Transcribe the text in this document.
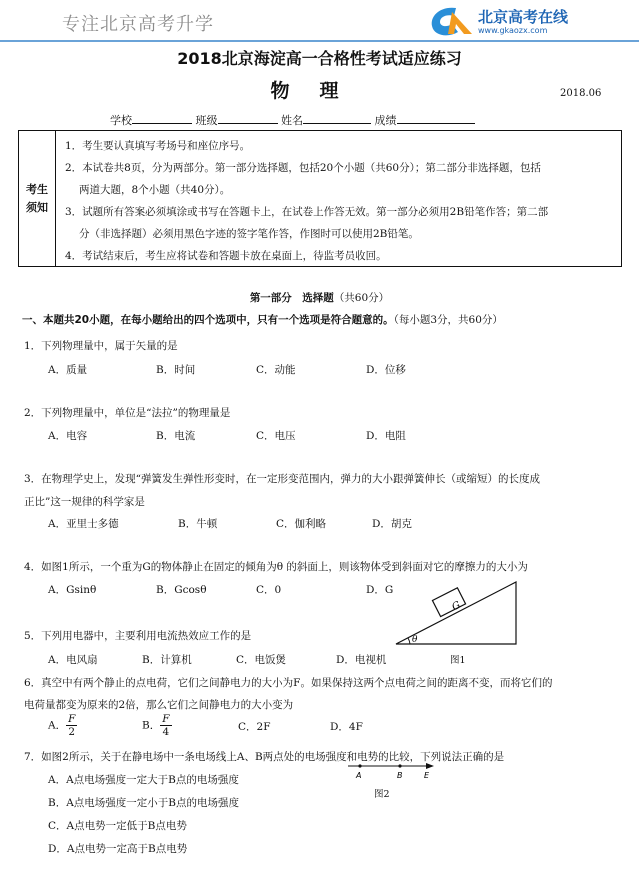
专注北京高考升学	北京高考在线
www.gkaozx.com
2018北京海淀高一合格性考试适应练习
物理	2018.06
学校	班级	姓名	成绩
考生
须知

1．考生要认真填写考场号和座位序号。

2．本试卷共8页，分为两部分。第一部分选择题，包括20个小题（共60分）；第二部分非选择题，包括

两道大题，8个小题（共40分）。

3．试题所有答案必须填涂或书写在答题卡上，在试卷上作答无效。第一部分必须用2B铅笔作答；第二部

分（非选择题）必须用黑色字迹的签字笔作答，作图时可以使用2B铅笔。

4．考试结束后，考生应将试卷和答题卡放在桌面上，待监考员收回。

第一部分　选择题（共60分）
一、本题共20小题，在每小题给出的四个选项中，只有一个选项是符合题意的。（每小题3分，共60分）
1．下列物理量中，属于矢量的是
A．质量	B．时间	C．动能	D．位移
2．下列物理量中，单位是“法拉”的物理量是
A．电容	B．电流	C．电压	D．电阻
3．在物理学史上，发现“弹簧发生弹性形变时，在一定形变范围内，弹力的大小跟弹簧伸长（或缩短）的长度成
正比”这一规律的科学家是
A．亚里士多德	B．牛顿	C．伽利略	D．胡克
4．如图1所示，一个重为G的物体静止在固定的倾角为θ 的斜面上，则该物体受到斜面对它的摩擦力的大小为
A．Gsinθ	B．Gcosθ	C．0	D．G
G
θ
图1
5．下列用电器中，主要利用电流热效应工作的是
A．电风扇	B．计算机	C．电饭煲	D．电视机
6．真空中有两个静止的点电荷，它们之间静电力的大小为F。如果保持这两个点电荷之间的距离不变，而将它们的
电荷量都变为原来的2倍，那么它们之间静电力的大小变为
A． $\frac{F}{2}$	B． $\frac{F}{4}$	C．2F	D．4F
7．如图2所示，关于在静电场中一条电场线上A、B两点处的电场强度和电势的比较，下列说法正确的是
A．A点电场强度一定大于B点的电场强度
B．A点电场强度一定小于B点的电场强度
C．A点电势一定低于B点电势
D．A点电势一定高于B点电势
A	B	E
图2
